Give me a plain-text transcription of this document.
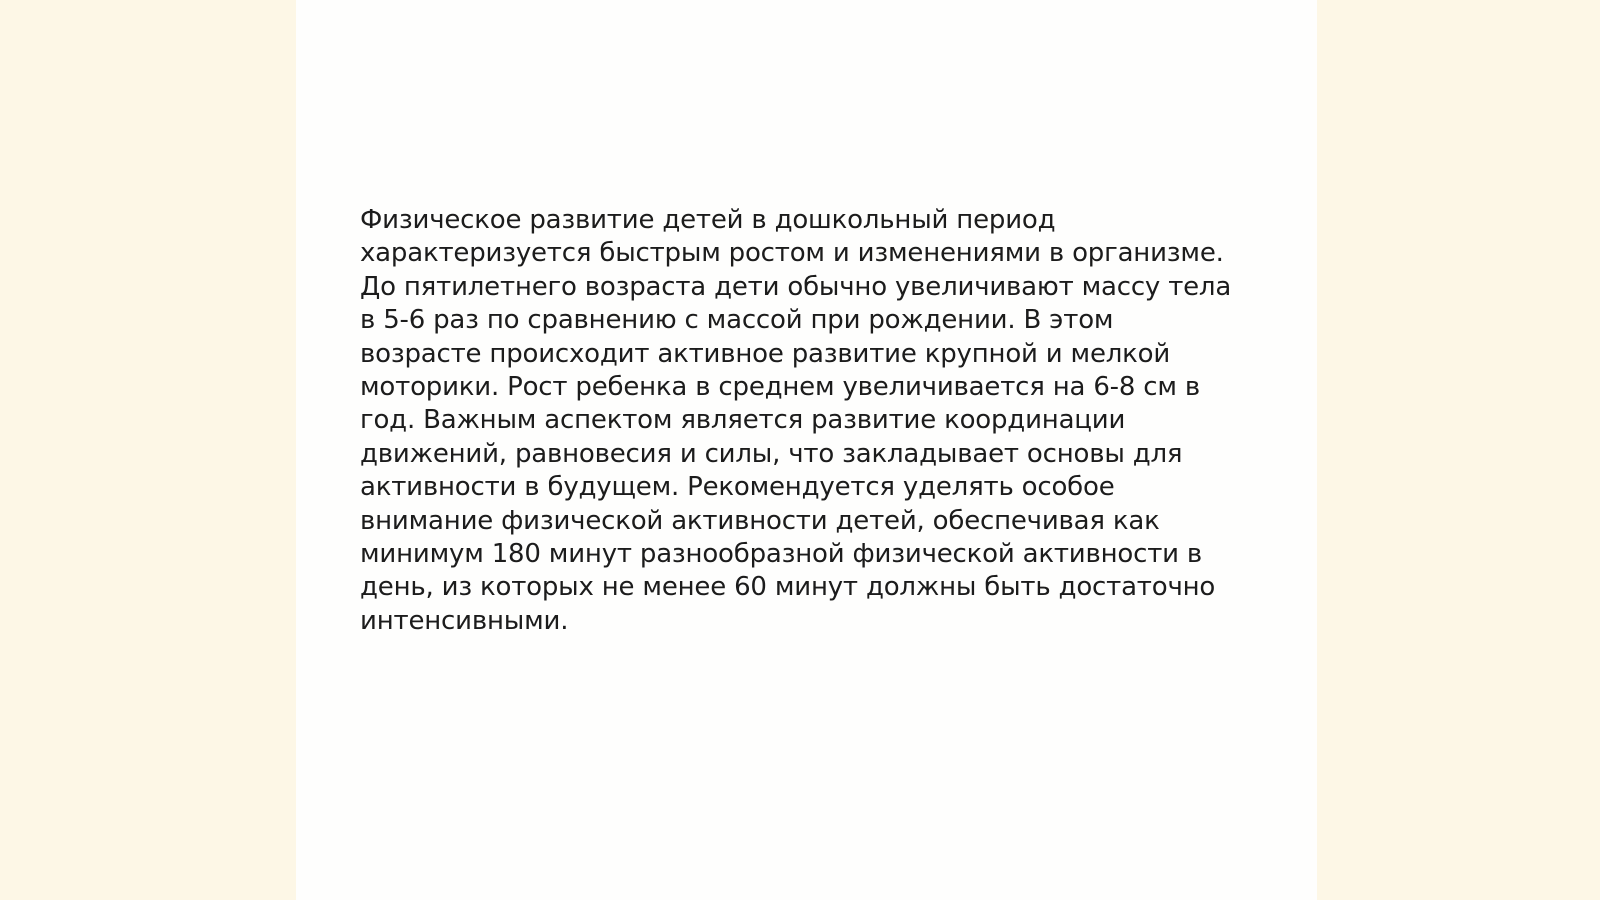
Физическое развитие детей в дошкольный период
характеризуется быстрым ростом и изменениями в организме.
До пятилетнего возраста дети обычно увеличивают массу тела
в 5-6 раз по сравнению с массой при рождении. В этом
возрасте происходит активное развитие крупной и мелкой
моторики. Рост ребенка в среднем увеличивается на 6-8 см в
год. Важным аспектом является развитие координации
движений, равновесия и силы, что закладывает основы для
активности в будущем. Рекомендуется уделять особое
внимание физической активности детей, обеспечивая как
минимум 180 минут разнообразной физической активности в
день, из которых не менее 60 минут должны быть достаточно
интенсивными.
